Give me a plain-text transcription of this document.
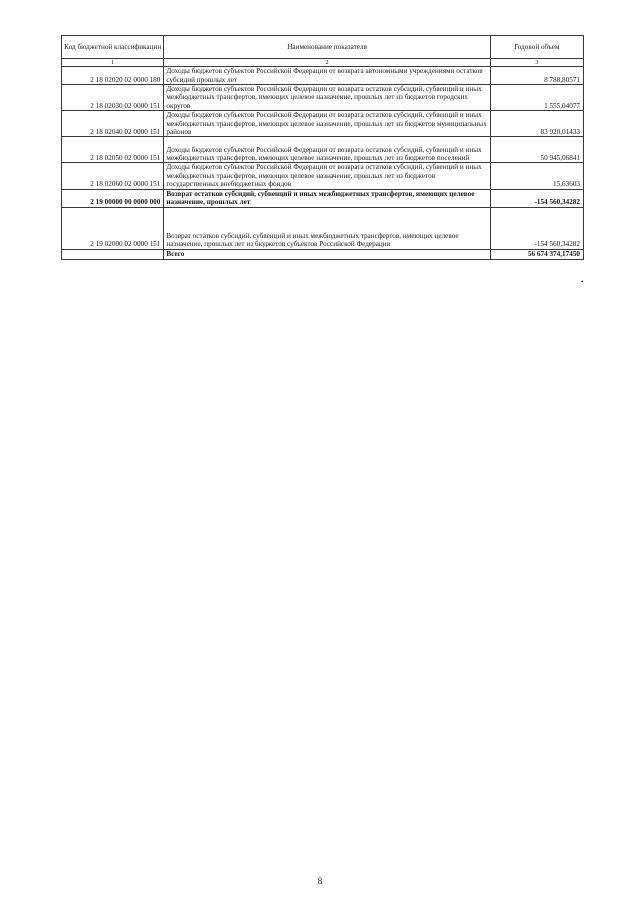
Код бюджетной классификации	Наименование показателя	Годовой объем
1	2	3
2 18 02020 02 0000 180	Доходы бюджетов субъектов Российской Федерации от возврата автономными учреждениями остатков субсидий прошлых лет	8 788,80571
2 18 02030 02 0000 151	Доходы бюджетов субъектов Российской Федерации от возврата остатков субсидий, субвенций и иных межбюджетных трансфертов, имеющих целевое назначение, прошлых лет из бюджетов городских округов	1 555,04077
2 18 02040 02 0000 151	Доходы бюджетов субъектов Российской Федерации от возврата остатков субсидий, субвенций и иных межбюджетных трансфертов, имеющих целевое назначение, прошлых лет из бюджетов муниципальных районов	83 920,01433
2 18 02050 02 0000 151	Доходы бюджетов субъектов Российской Федерации от возврата остатков субсидий, субвенций и иных межбюджетных трансфертов, имеющих целевое назначение, прошлых лет из бюджетов поселений	50 945,06841
2 18 02060 02 0000 151	Доходы бюджетов субъектов Российской Федерации от возврата остатков субсидий, субвенций и иных межбюджетных трансфертов, имеющих целевое назначение, прошлых лет из бюджетов государственных внебюджетных фондов	15,63603
2 19 00000 00 0000 000	Возврат остатков субсидий, субвенций и иных межбюджетных трансфертов, имеющих целевое назначение, прошлых лет	-154 560,34282
2 19 02000 02 0000 151	Возврат остатков субсидий, субвенций и иных межбюджетных трансфертов, имеющих целевое назначение, прошлых лет из бюджетов субъектов Российской Федерации	-154 560,34282
	Всего	56 674 374,17450
•
8
